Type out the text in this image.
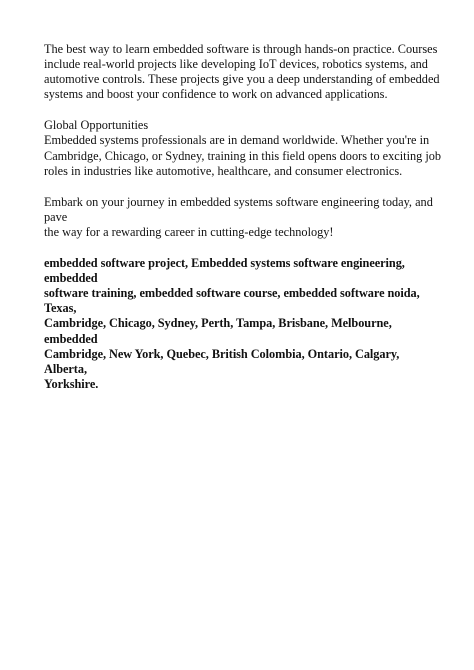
The best way to learn embedded software is through hands-on practice. Courses
include real-world projects like developing IoT devices, robotics systems, and
automotive controls. These projects give you a deep understanding of embedded
systems and boost your confidence to work on advanced applications.

Global Opportunities

Embedded systems professionals are in demand worldwide. Whether you're in
Cambridge, Chicago, or Sydney, training in this field opens doors to exciting job
roles in industries like automotive, healthcare, and consumer electronics.

Embark on your journey in embedded systems software engineering today, and pave
the way for a rewarding career in cutting-edge technology!

embedded software project, Embedded systems software engineering, embedded
software training, embedded software course, embedded software noida, Texas,
Cambridge, Chicago, Sydney, Perth, Tampa, Brisbane, Melbourne, embedded
Cambridge, New York, Quebec, British Colombia, Ontario, Calgary, Alberta,
Yorkshire.
